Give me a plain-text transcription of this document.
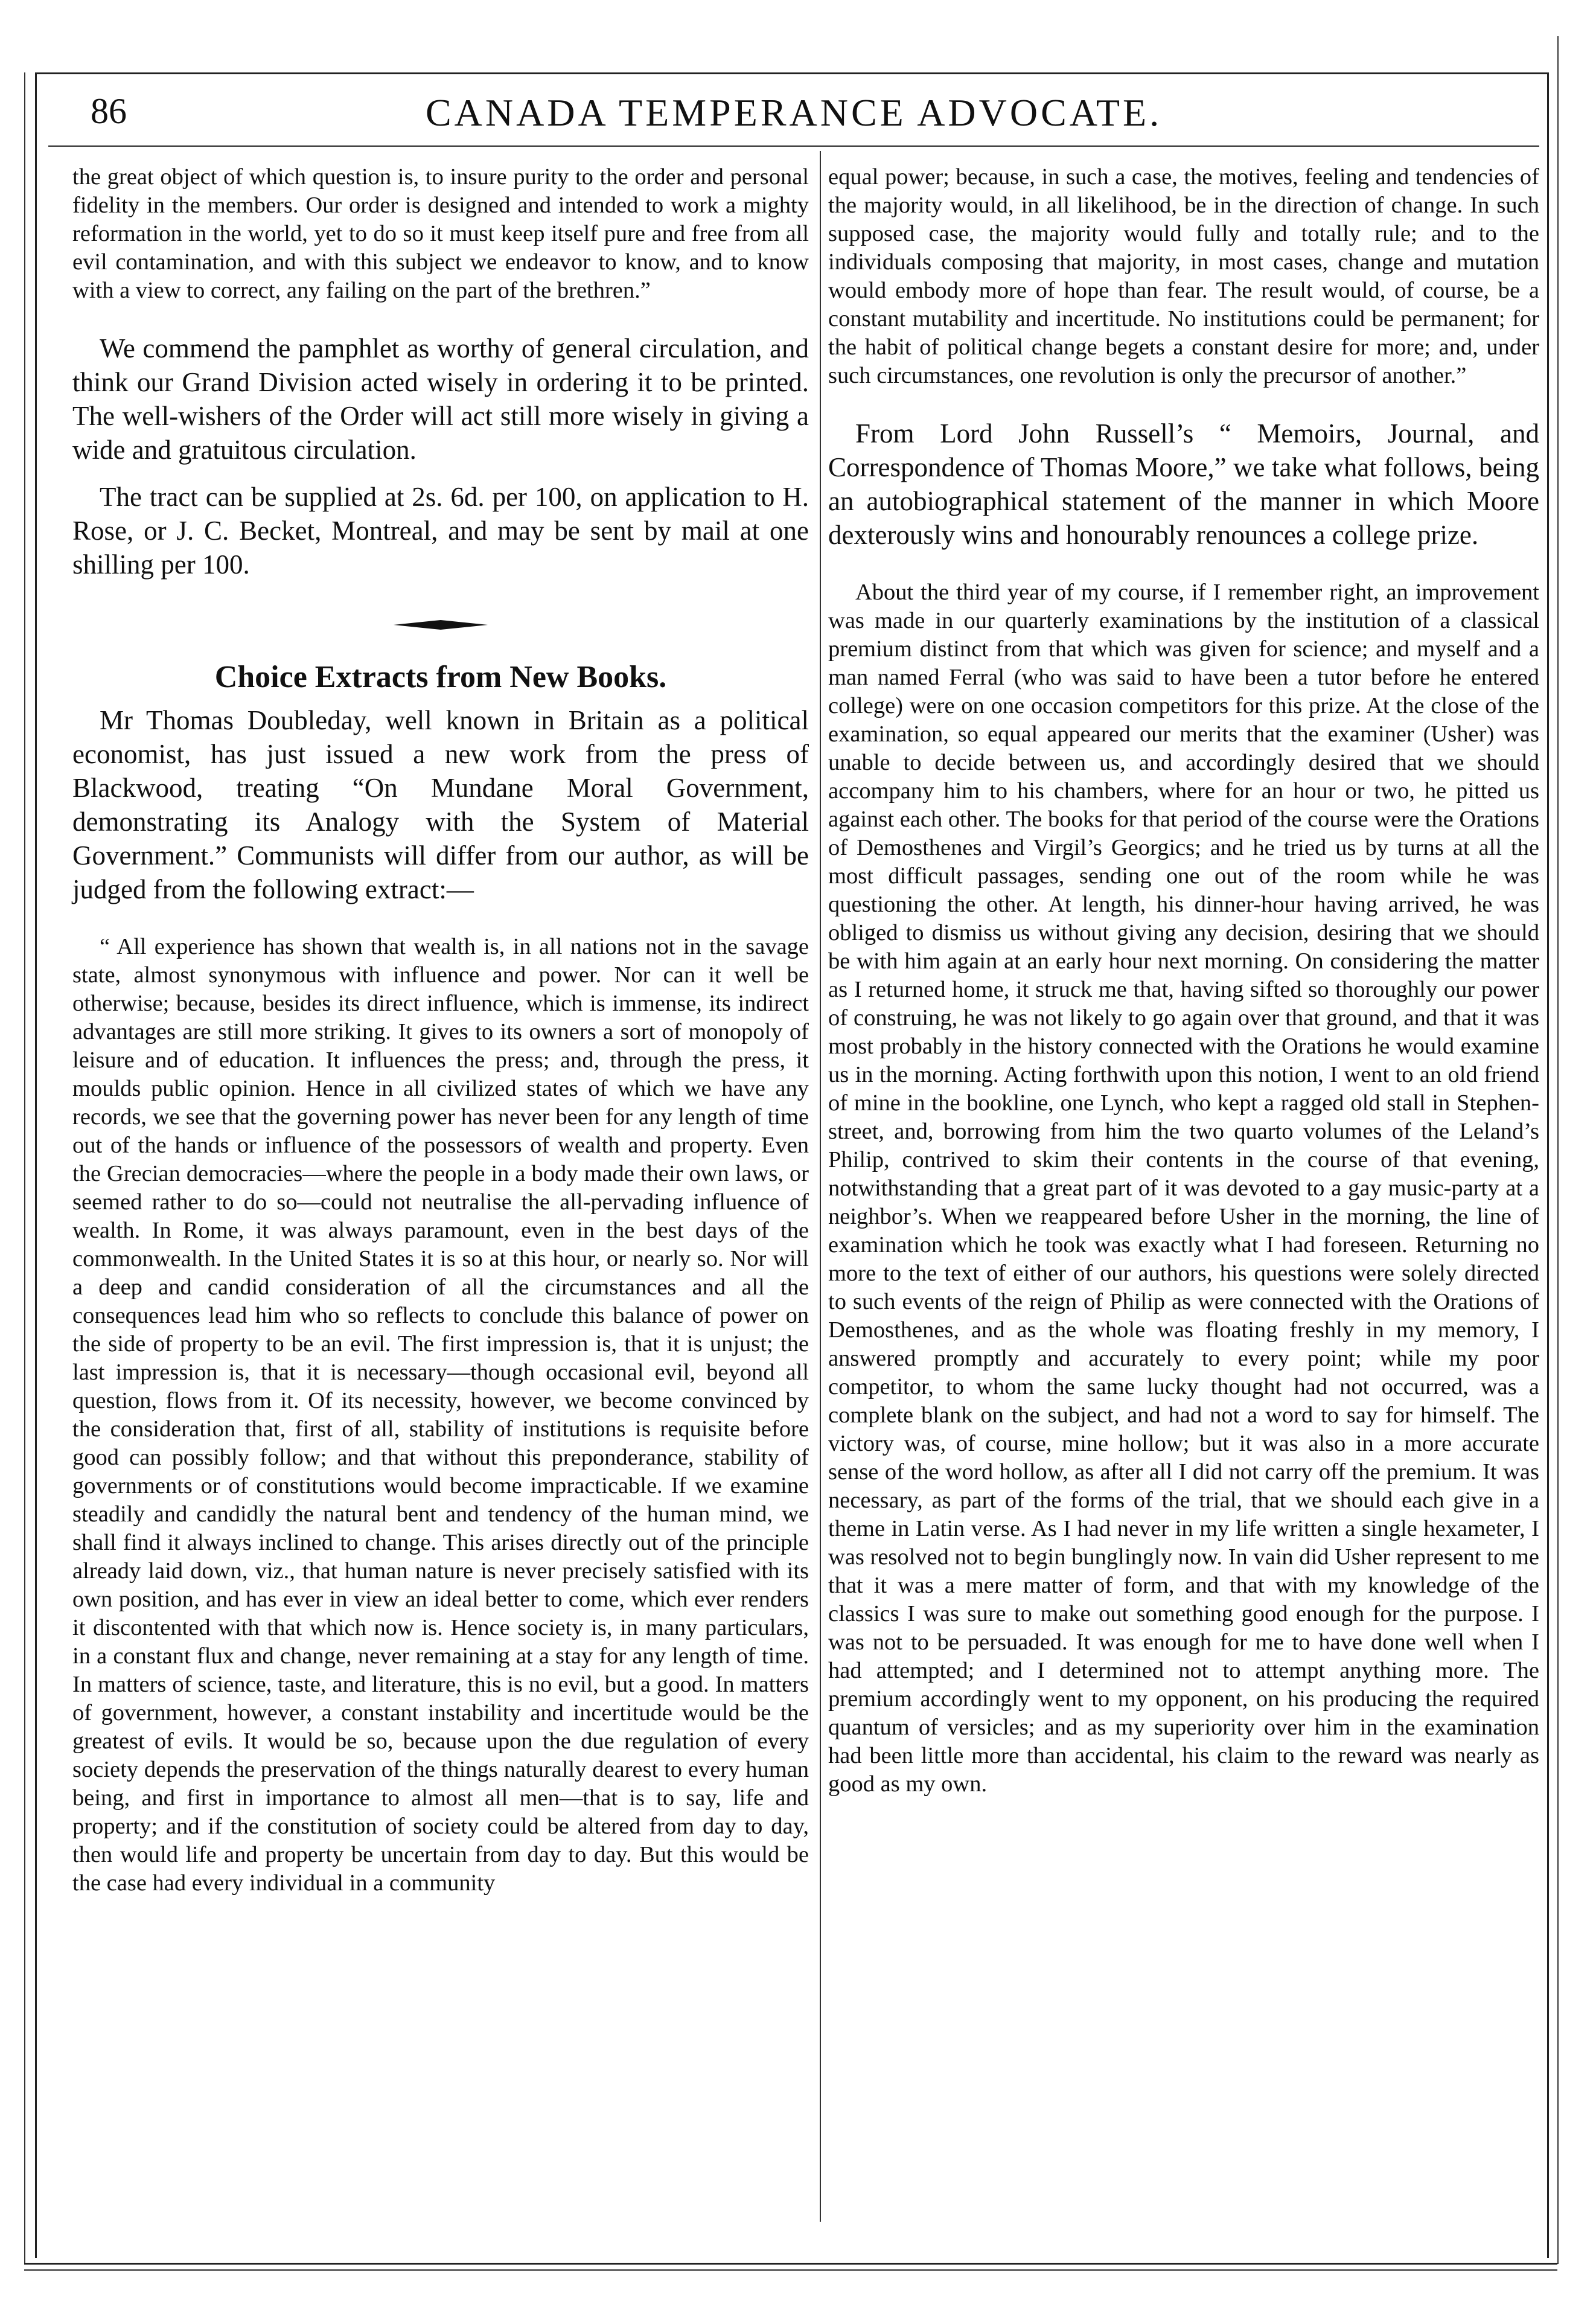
86	CANADA TEMPERANCE ADVOCATE.

the great object of which question is, to insure purity to the order and personal fidelity in the members. Our order is designed and intended to work a mighty reformation in the world, yet to do so it must keep itself pure and free from all evil contamination, and with this subject we endeavor to know, and to know with a view to correct, any failing on the part of the brethren.”

We commend the pamphlet as worthy of general circulation, and think our Grand Division acted wisely in ordering it to be printed. The well-wishers of the Order will act still more wisely in giving a wide and gratuitous circulation.

The tract can be supplied at 2s. 6d. per 100, on application to H. Rose, or J. C. Becket, Montreal, and may be sent by mail at one shilling per 100.

Choice Extracts from New Books.

Mr Thomas Doubleday, well known in Britain as a political economist, has just issued a new work from the press of Blackwood, treating “On Mundane Moral Government, demonstrating its Analogy with the System of Material Government.” Communists will differ from our author, as will be judged from the following extract:—

“ All experience has shown that wealth is, in all nations not in the savage state, almost synonymous with influence and power. Nor can it well be otherwise; because, besides its direct influence, which is immense, its indirect advantages are still more striking. It gives to its owners a sort of monopoly of leisure and of education. It influences the press; and, through the press, it moulds public opinion. Hence in all civilized states of which we have any records, we see that the governing power has never been for any length of time out of the hands or influence of the possessors of wealth and property. Even the Grecian democracies—where the people in a body made their own laws, or seemed rather to do so—could not neutralise the all-pervading influence of wealth. In Rome, it was always paramount, even in the best days of the commonwealth. In the United States it is so at this hour, or nearly so. Nor will a deep and candid consideration of all the circumstances and all the consequences lead him who so reflects to conclude this balance of power on the side of property to be an evil. The first impression is, that it is unjust; the last impression is, that it is necessary—though occasional evil, beyond all question, flows from it. Of its necessity, however, we become convinced by the consideration that, first of all, stability of institutions is requisite before good can possibly follow; and that without this preponderance, stability of governments or of constitutions would become impracticable. If we examine steadily and candidly the natural bent and tendency of the human mind, we shall find it always inclined to change. This arises directly out of the principle already laid down, viz., that human nature is never precisely satisfied with its own position, and has ever in view an ideal better to come, which ever renders it discontented with that which now is. Hence society is, in many particulars, in a constant flux and change, never remaining at a stay for any length of time. In matters of science, taste, and literature, this is no evil, but a good. In matters of government, however, a constant instability and incertitude would be the greatest of evils. It would be so, because upon the due regulation of every society depends the preservation of the things naturally dearest to every human being, and first in importance to almost all men—that is to say, life and property; and if the constitution of society could be altered from day to day, then would life and property be uncertain from day to day. But this would be the case had every individual in a community

equal power; because, in such a case, the motives, feeling and tendencies of the majority would, in all likelihood, be in the direction of change. In such supposed case, the majority would fully and totally rule; and to the individuals composing that majority, in most cases, change and mutation would embody more of hope than fear. The result would, of course, be a constant mutability and incertitude. No institutions could be permanent; for the habit of political change begets a constant desire for more; and, under such circumstances, one revolution is only the precursor of another.”

From Lord John Russell’s “ Memoirs, Journal, and Correspondence of Thomas Moore,” we take what follows, being an autobiographical statement of the manner in which Moore dexterously wins and honourably renounces a college prize.

About the third year of my course, if I remember right, an improvement was made in our quarterly examinations by the institution of a classical premium distinct from that which was given for science; and myself and a man named Ferral (who was said to have been a tutor before he entered college) were on one occasion competitors for this prize. At the close of the examination, so equal appeared our merits that the examiner (Usher) was unable to decide between us, and accordingly desired that we should accompany him to his chambers, where for an hour or two, he pitted us against each other. The books for that period of the course were the Orations of Demosthenes and Virgil’s Georgics; and he tried us by turns at all the most difficult passages, sending one out of the room while he was questioning the other. At length, his dinner-hour having arrived, he was obliged to dismiss us without giving any decision, desiring that we should be with him again at an early hour next morning. On considering the matter as I returned home, it struck me that, having sifted so thoroughly our power of construing, he was not likely to go again over that ground, and that it was most probably in the history connected with the Orations he would examine us in the morning. Acting forthwith upon this notion, I went to an old friend of mine in the bookline, one Lynch, who kept a ragged old stall in Stephen-street, and, borrowing from him the two quarto volumes of the Leland’s Philip, contrived to skim their contents in the course of that evening, notwithstanding that a great part of it was devoted to a gay music-party at a neighbor’s. When we reappeared before Usher in the morning, the line of examination which he took was exactly what I had foreseen. Returning no more to the text of either of our authors, his questions were solely directed to such events of the reign of Philip as were connected with the Orations of Demosthenes, and as the whole was floating freshly in my memory, I answered promptly and accurately to every point; while my poor competitor, to whom the same lucky thought had not occurred, was a complete blank on the subject, and had not a word to say for himself. The victory was, of course, mine hollow; but it was also in a more accurate sense of the word hollow, as after all I did not carry off the premium. It was necessary, as part of the forms of the trial, that we should each give in a theme in Latin verse. As I had never in my life written a single hexameter, I was resolved not to begin bunglingly now. In vain did Usher represent to me that it was a mere matter of form, and that with my knowledge of the classics I was sure to make out something good enough for the purpose. I was not to be persuaded. It was enough for me to have done well when I had attempted; and I determined not to attempt anything more. The premium accordingly went to my opponent, on his producing the required quantum of versicles; and as my superiority over him in the examination had been little more than accidental, his claim to the reward was nearly as good as my own.
